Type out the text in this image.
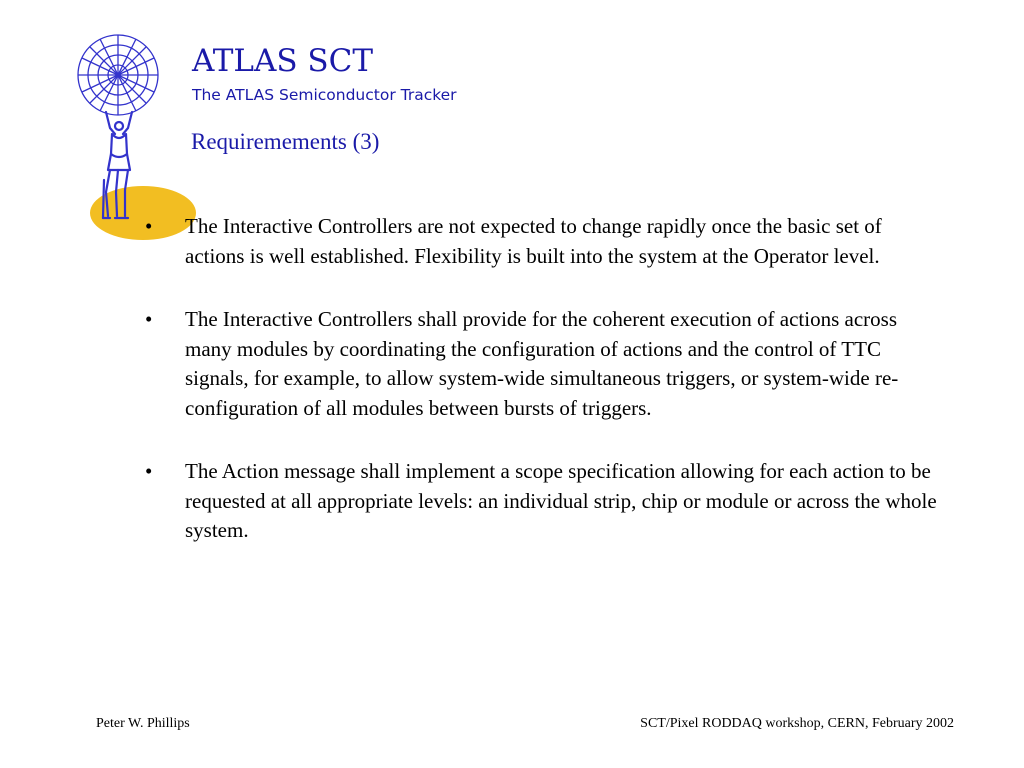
ATLAS SCT
The ATLAS Semiconductor Tracker
Requiremements (3)
• The Interactive Controllers are not expected to change rapidly once the basic set of actions is well established. Flexibility is built into the system at the Operator level.
• The Interactive Controllers shall provide for the coherent execution of actions across many modules by coordinating the configuration of actions and the control of TTC signals, for example, to allow system-wide simultaneous triggers, or system-wide re-configuration of all modules between bursts of triggers.
• The Action message shall implement a scope specification allowing for each action to be requested at all appropriate levels: an individual strip, chip or module or across the whole system.
Peter W. Phillips	SCT/Pixel RODDAQ workshop, CERN, February 2002
